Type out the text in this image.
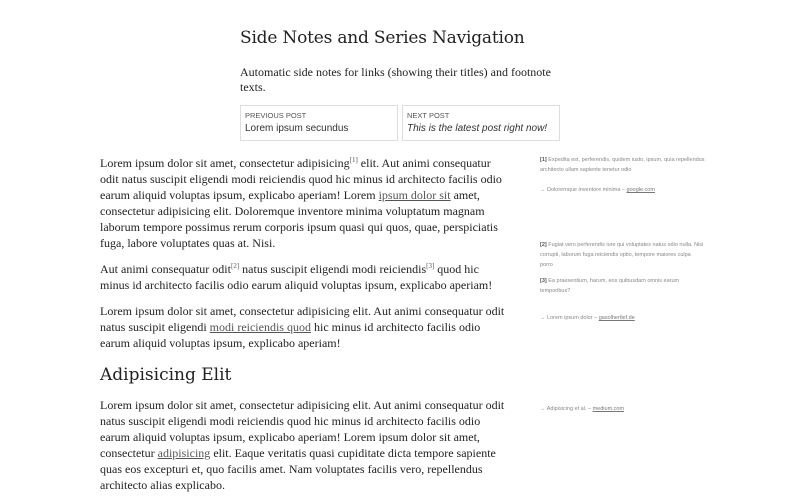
Side Notes and Series Navigation
Automatic side notes for links (showing their titles) and footnote texts.
PREVIOUS POST
Lorem ipsum secundus
NEXT POST
This is the latest post right now!

Lorem ipsum dolor sit amet, consectetur adipisicing[1] elit. Aut animi consequatur odit natus suscipit eligendi modi reiciendis quod hic minus id architecto facilis odio earum aliquid voluptas ipsum, explicabo aperiam! Lorem ipsum dolor sit amet, consectetur adipisicing elit. Doloremque inventore minima voluptatum magnam laborum tempore possimus rerum corporis ipsum quasi qui quos, quae, perspiciatis fuga, labore voluptates quas at. Nisi.

Aut animi consequatur odit[2] natus suscipit eligendi modi reiciendis[3] quod hic minus id architecto facilis odio earum aliquid voluptas ipsum, explicabo aperiam!

Lorem ipsum dolor sit amet, consectetur adipisicing elit. Aut animi consequatur odit natus suscipit eligendi modi reiciendis quod hic minus id architecto facilis odio earum aliquid voluptas ipsum, explicabo aperiam!

Adipisicing Elit

Lorem ipsum dolor sit amet, consectetur adipisicing elit. Aut animi consequatur odit natus suscipit eligendi modi reiciendis quod hic minus id architecto facilis odio earum aliquid voluptas ipsum, explicabo aperiam! Lorem ipsum dolor sit amet, consectetur adipisicing elit. Eaque veritatis quasi cupiditate dicta tempore sapiente quas eos excepturi et, quo facilis amet. Nam voluptates facilis vero, repellendus architecto alias explicabo.

[1] Expedita est, perferendis, quidem iusto, ipsum, quia repellendus architecto ullam sapiente tenetur odio
→ Doloremque inventore minima – google.com
[2] Fugiat vero perferendis iure qui voluptates natus odio nulla. Nisi corrupti, laborum fuga reiciendis optio, tempore maiores culpa porro
[3] Ea praesentium, harum, eos quibusdam omnis earum temporibus?
→ Lorem ipsum dolor – gasolhertlef.de
→ Adipisicing et al. – medium.com
